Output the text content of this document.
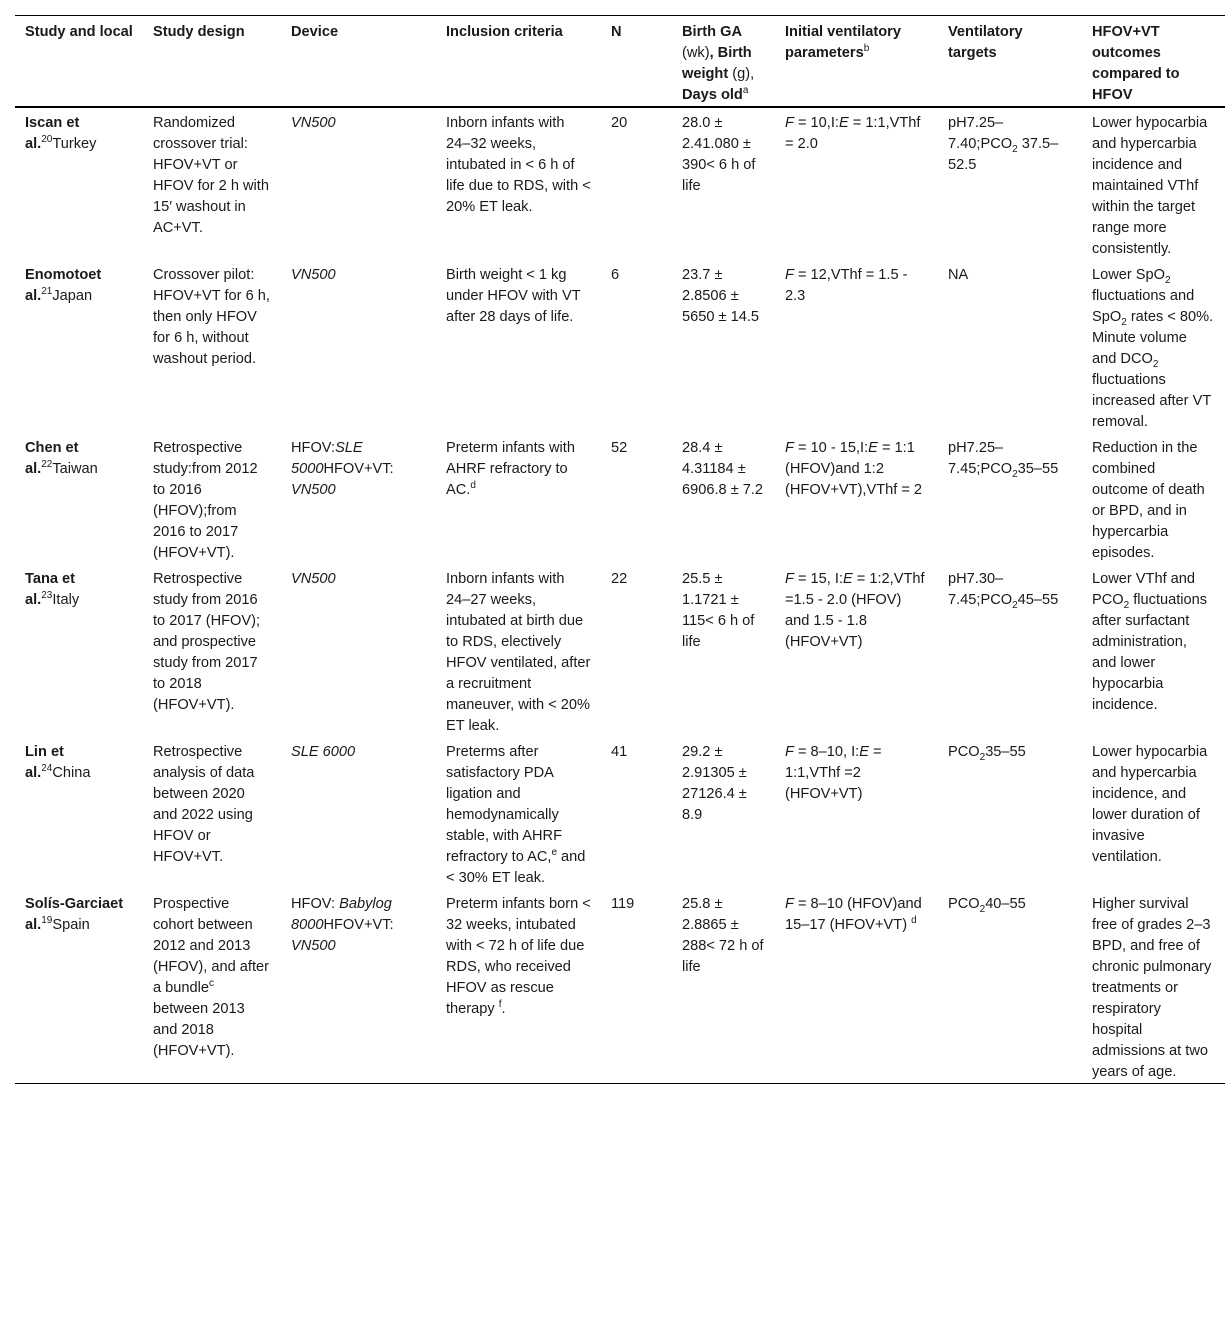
Study and local	Study design	Device	Inclusion criteria	N	Birth GA (wk), Birth weight (g), Days old$^a$	Initial ventilatory parameters$^b$	Ventilatory targets	HFOV+VT outcomes compared to HFOV
Iscan et al.$^{20}$Turkey	Randomized crossover trial: HFOV+VT or HFOV for 2 h with 15′ washout in AC+VT.	VN500	Inborn infants with 24–32 weeks, intubated in < 6 h of life due to RDS, with < 20% ET leak.	20	28.0 ± 2.41.080 ± 390< 6 h of life	F = 10,I:E = 1:1,VThf = 2.0	$pH7.25-7.40;PCO_2$ 37.5–52.5	Lower hypocarbia and hypercarbia incidence and maintained VThf within the target range more consistently.
Enomotoet al.$^{21}$Japan	Crossover pilot: HFOV+VT for 6 h, then only HFOV for 6 h, without washout period.	VN500	Birth weight < 1 kg under HFOV with VT after 28 days of life.	6	23.7 ± 2.8506 ± 5650 ± 14.5	F = 12,VThf = 1.5 - 2.3	NA	Lower SpO$_2$ fluctuations and SpO$_2$ rates < 80%. Minute volume and $DCO_2$ fluctuations increased after VT removal.
Chen et al.$^{22}$Taiwan	Retrospective study:from 2012 to 2016 (HFOV);from 2016 to 2017 (HFOV+VT).	HFOV:SLE 5000HFOV+VT: VN500	Preterm infants with AHRF refractory to AC.$^d$	52	28.4 ± 4.31184 ± 6906.8 ± 7.2	F = 10 - 15,I:E = 1:1 (HFOV)and 1:2 (HFOV+VT),VThf = 2	$pH7.25-7.45;PCO_235-55$	Reduction in the combined outcome of death or BPD, and in hypercarbia episodes.
Tana et al.$^{23}$Italy	Retrospective study from 2016 to 2017 (HFOV); and prospective study from 2017 to 2018 (HFOV+VT).	VN500	Inborn infants with 24–27 weeks, intubated at birth due to RDS, electively HFOV ventilated, after a recruitment maneuver, with < 20% ET leak.	22	25.5 ± 1.1721 ± 115< 6 h of life	F = 15, I:E = 1:2,VThf =1.5 - 2.0 (HFOV) and 1.5 - 1.8 (HFOV+VT)	$pH7.30-7.45;PCO_245-55$	Lower VThf and $PCO_2$ fluctuations after surfactant administration, and lower hypocarbia incidence.
Lin et al.$^{24}$China	Retrospective analysis of data between 2020 and 2022 using HFOV or HFOV+VT.	SLE 6000	Preterms after satisfactory PDA ligation and hemodynamically stable, with AHRF refractory to AC,$^e$ and < 30% ET leak.	41	29.2 ± 2.91305 ± 27126.4 ± 8.9	F = 8–10, I:E = 1:1,VThf =2 (HFOV+VT)	$PCO_235-55$	Lower hypocarbia and hypercarbia incidence, and lower duration of invasive ventilation.
Solís-Garciaet al.$^{19}$Spain	Prospective cohort between 2012 and 2013 (HFOV), and after a bundle$^c$ between 2013 and 2018 (HFOV+VT).	HFOV: Babylog 8000HFOV+VT: VN500	Preterm infants born < 32 weeks, intubated with < 72 h of life due RDS, who received HFOV as rescue therapy $^f$.	119	25.8 ± 2.8865 ± 288< 72 h of life	F = 8–10 (HFOV)and 15–17 (HFOV+VT) $^d$	$PCO_240-55$	Higher survival free of grades 2–3 BPD, and free of chronic pulmonary treatments or respiratory hospital admissions at two years of age.
